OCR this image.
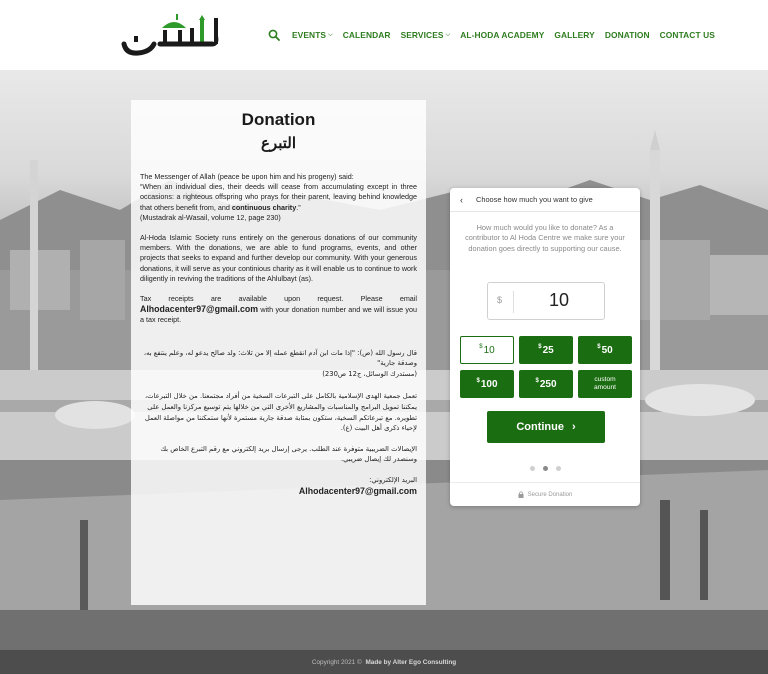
EVENTS ⌵ CALENDAR SERVICES ⌵ AL-HODA ACADEMY GALLERY DONATION CONTACT US
Donation
التبرع

The Messenger of Allah (peace be upon him and his progeny) said:
“When an individual dies, their deeds will cease from accumulating except in three occasions: a righteous offspring who prays for their parent, leaving behind knowledge that others benefit from, and continuous charity.”
(Mustadrak al-Wasail, volume 12, page 230)

Al-Hoda Islamic Society runs entirely on the generous donations of our community members. With the donations, we are able to fund programs, events, and other projects that seeks to expand and further develop our community. With your generous donations, it will serve as your continious charity as it will enable us to continue to work diligently in reviving the traditions of the Ahlulbayt (as).

Tax receipts are available upon request. Please email Alhodacenter97@gmail.com with your donation number and we will issue you a tax receipt.

قال رسول الله (ص): "إذا مات ابن آدم انقطع عمله إلا من ثلاث: ولد صالح يدعو له، وعلم ينتفع به، وصدقة جارية"
(مستدرك الوسائل، ج12 ص230)

تعمل جمعية الهدى الإسلامية بالكامل على التبرعات السخية من أفراد مجتمعنا. من خلال التبرعات، يمكننا تمويل البرامج والمناسبات والمشاريع الأخرى التي من خلالها يتم توسيع مركزنا والعمل على تطويره. مع تبرعاتكم السخية، ستكون بمثابة صدقة جارية مستمرة لأنها ستمكننا من مواصلة العمل لإحياء ذكرى أهل البيت (ع).

الإيصالات الضريبية متوفرة عند الطلب. يرجى إرسال بريد إلكتروني مع رقم التبرع الخاص بك وسنصدر لك إيصال ضريبي.

البريد الإلكتروني:

Alhodacenter97@gmail.com

‹	Choose how much you want to give
How much would you like to donate? As a contributor to Al Hoda Centre we make sure your donation goes directly to supporting our cause.
$	10
$ 10	$ 25	$ 50
$ 100	$ 250	custom amount
Continue ›
Secure Donation
Copyright 2021 ©
Made by Alter Ego Consulting
